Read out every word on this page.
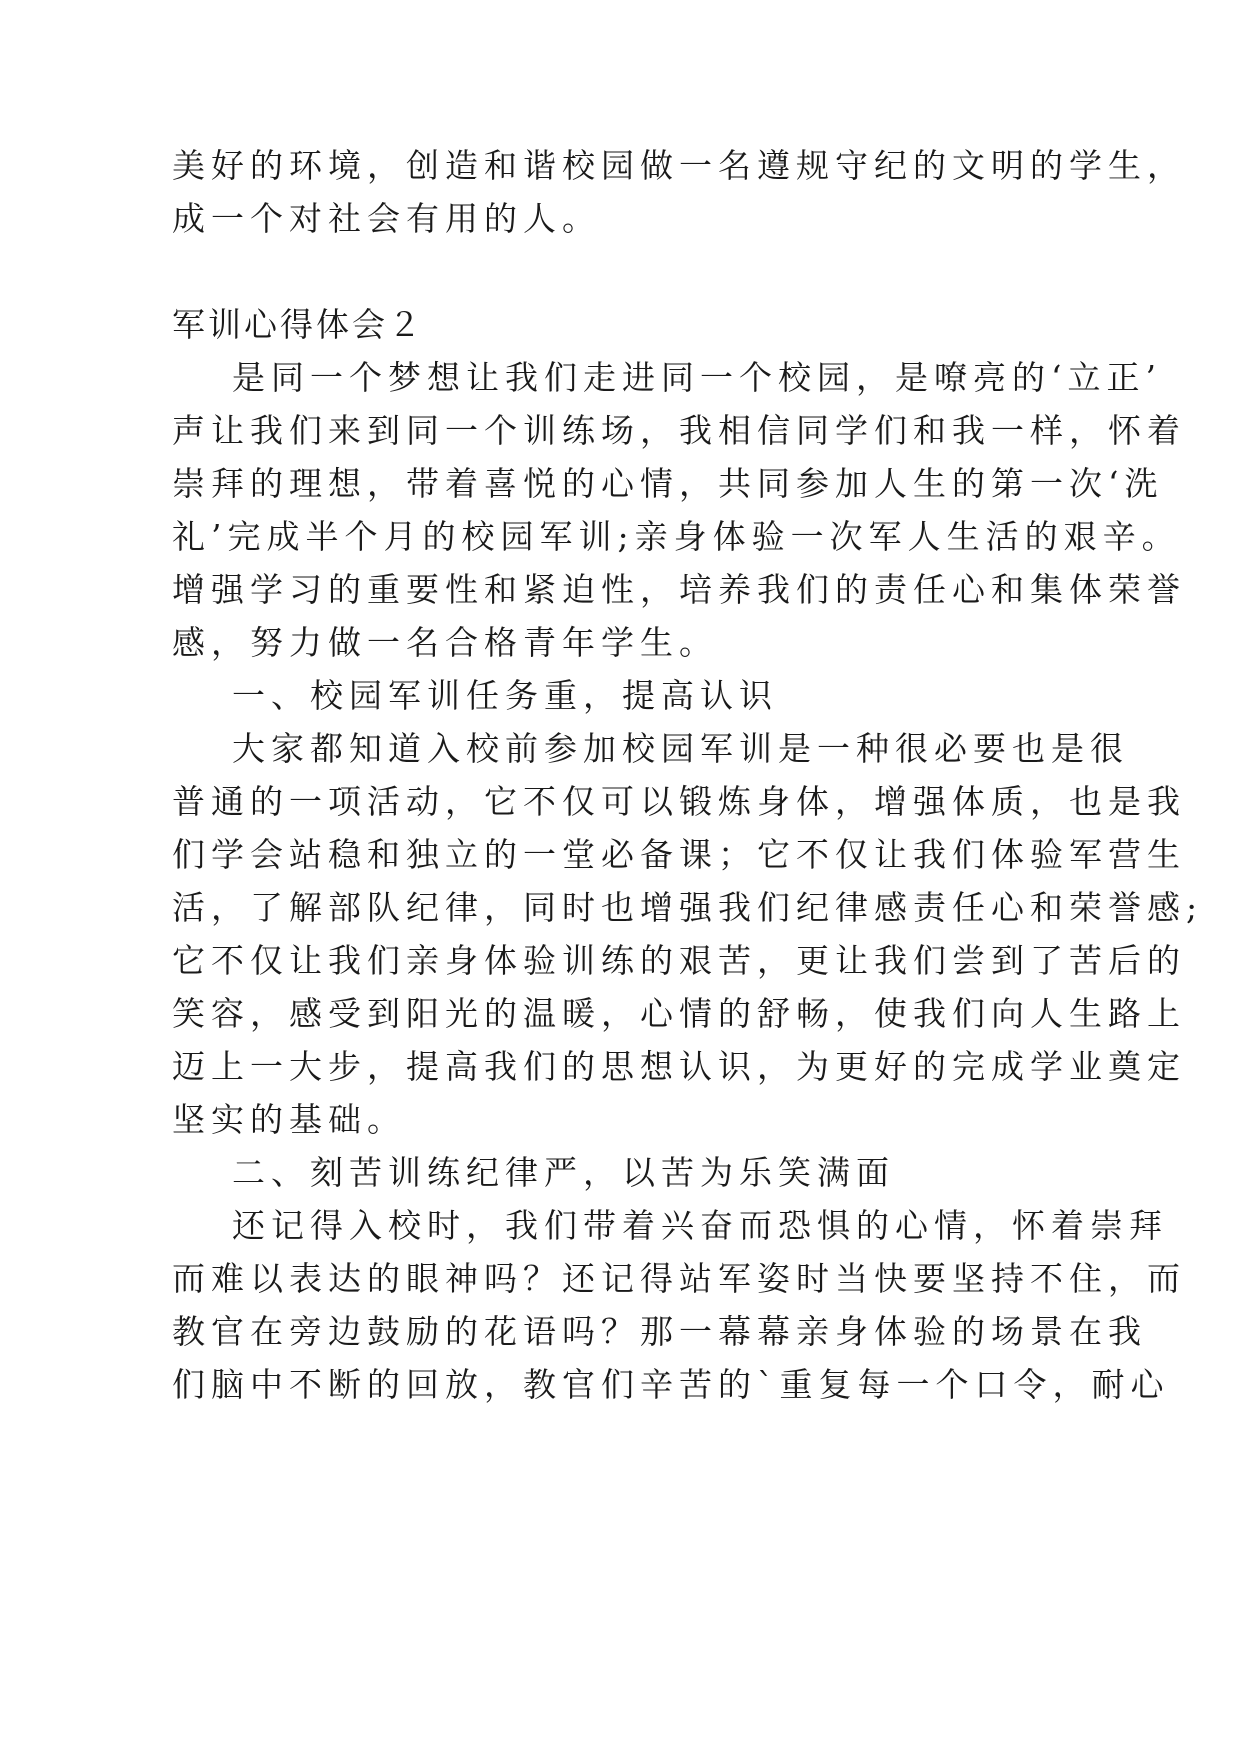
美好的环境，创造和谐校园做一名遵规守纪的文明的学生，

成一个对社会有用的人。

军训心得体会２

是同一个梦想让我们走进同一个校园，是嘹亮的‘立正’

声让我们来到同一个训练场，我相信同学们和我一样，怀着

崇拜的理想，带着喜悦的心情，共同参加人生的第一次‘洗

礼’完成半个月的校园军训;亲身体验一次军人生活的艰辛。

增强学习的重要性和紧迫性，培养我们的责任心和集体荣誉

感，努力做一名合格青年学生。

一、校园军训任务重，提高认识

大家都知道入校前参加校园军训是一种很必要也是很

普通的一项活动，它不仅可以锻炼身体，增强体质，也是我

们学会站稳和独立的一堂必备课；它不仅让我们体验军营生

活，了解部队纪律，同时也增强我们纪律感责任心和荣誉感;

它不仅让我们亲身体验训练的艰苦，更让我们尝到了苦后的

笑容，感受到阳光的温暖，心情的舒畅，使我们向人生路上

迈上一大步，提高我们的思想认识，为更好的完成学业奠定

坚实的基础。

二、刻苦训练纪律严，以苦为乐笑满面

还记得入校时，我们带着兴奋而恐惧的心情，怀着崇拜

而难以表达的眼神吗？还记得站军姿时当快要坚持不住，而

教官在旁边鼓励的花语吗？那一幕幕亲身体验的场景在我

们脑中不断的回放，教官们辛苦的`重复每一个口令，耐心
